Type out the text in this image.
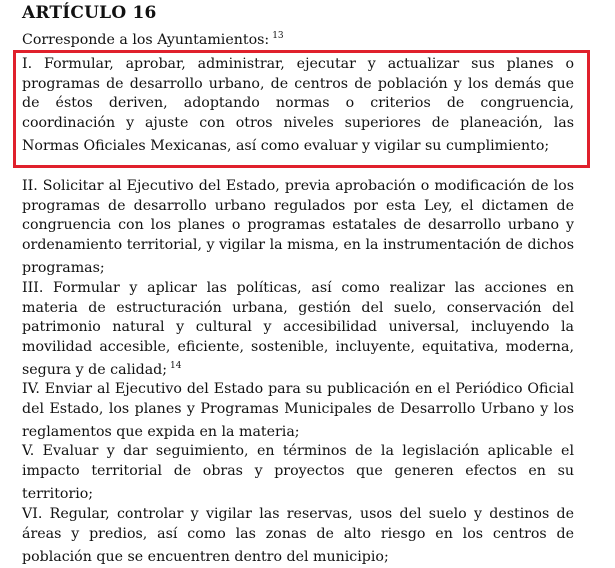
ARTÍCULO 16
Corresponde a los Ayuntamientos: $^{13}$
I. Formular, aprobar, administrar, ejecutar y actualizar sus planes o programas de desarrollo urbano, de centros de población y los demás que de éstos deriven, adoptando normas o criterios de congruencia, coordinación y ajuste con otros niveles superiores de planeación, las Normas Oficiales Mexicanas, así como evaluar y vigilar su cumplimiento;
II. Solicitar al Ejecutivo del Estado, previa aprobación o modificación de los programas de desarrollo urbano regulados por esta Ley, el dictamen de congruencia con los planes o programas estatales de desarrollo urbano y ordenamiento territorial, y vigilar la misma, en la instrumentación de dichos programas;
III. Formular y aplicar las políticas, así como realizar las acciones en materia de estructuración urbana, gestión del suelo, conservación del patrimonio natural y cultural y accesibilidad universal, incluyendo la movilidad accesible, eficiente, sostenible, incluyente, equitativa, moderna, segura y de calidad; $^{14}$
IV. Enviar al Ejecutivo del Estado para su publicación en el Periódico Oficial del Estado, los planes y Programas Municipales de Desarrollo Urbano y los reglamentos que expida en la materia;
V. Evaluar y dar seguimiento, en términos de la legislación aplicable el impacto territorial de obras y proyectos que generen efectos en su territorio;
VI. Regular, controlar y vigilar las reservas, usos del suelo y destinos de áreas y predios, así como las zonas de alto riesgo en los centros de población que se encuentren dentro del municipio;
